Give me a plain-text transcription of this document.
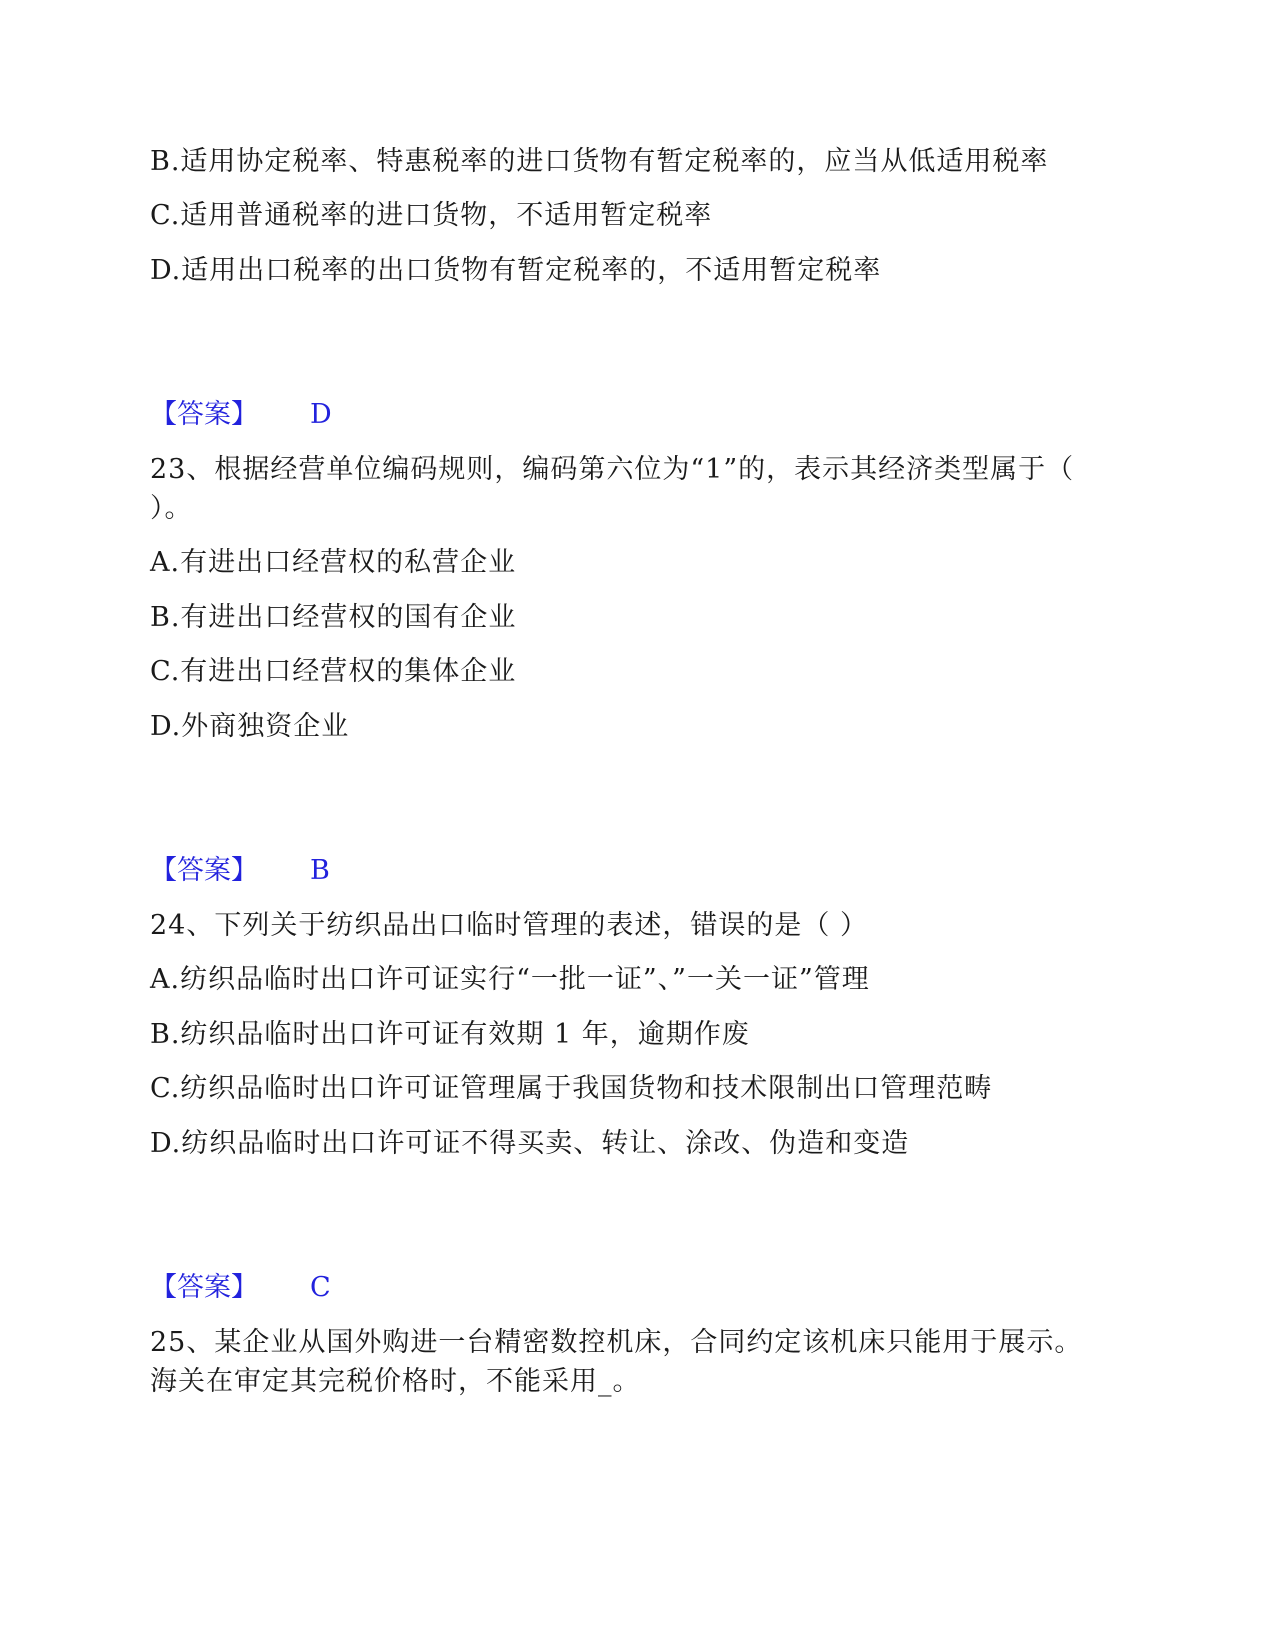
B.适用协定税率、特惠税率的进口货物有暂定税率的，应当从低适用税率
C.适用普通税率的进口货物，不适用暂定税率
D.适用出口税率的出口货物有暂定税率的，不适用暂定税率
【答案】 D
23、根据经营单位编码规则，编码第六位为“1”的，表示其经济类型属于（
）。
A.有进出口经营权的私营企业
B.有进出口经营权的国有企业
C.有进出口经营权的集体企业
D.外商独资企业
【答案】 B
24、下列关于纺织品出口临时管理的表述，错误的是（ ）
A.纺织品临时出口许可证实行“一批一证”、”一关一证”管理
B.纺织品临时出口许可证有效期 1 年，逾期作废
C.纺织品临时出口许可证管理属于我国货物和技术限制出口管理范畴
D.纺织品临时出口许可证不得买卖、转让、涂改、伪造和变造
【答案】 C
25、某企业从国外购进一台精密数控机床，合同约定该机床只能用于展示。
海关在审定其完税价格时，不能采用_。
